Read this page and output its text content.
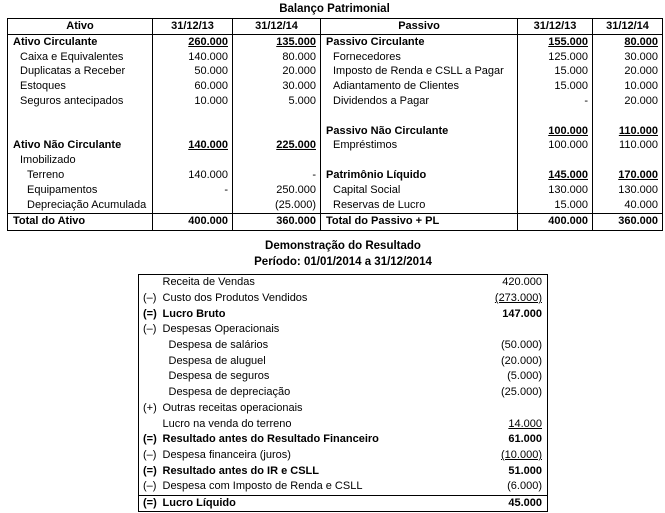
Balanço Patrimonial
Ativo	31/12/13	31/12/14	Passivo	31/12/13	31/12/14
Ativo Circulante	260.000	135.000	Passivo Circulante	155.000	80.000
Caixa e Equivalentes	140.000	80.000	Fornecedores	125.000	30.000
Duplicatas a Receber	50.000	20.000	Imposto de Renda e CSLL a Pagar	15.000	20.000
Estoques	60.000	30.000	Adiantamento de Clientes	15.000	10.000
Seguros antecipados	10.000	5.000	Dividendos a Pagar	-	20.000

			Passivo Não Circulante	100.000	110.000
Ativo Não Circulante	140.000	225.000	Empréstimos	100.000	110.000
Imobilizado					
Terreno	140.000	-	Patrimônio Líquido	145.000	170.000
Equipamentos	-	250.000	Capital Social	130.000	130.000
Depreciação Acumulada		(25.000)	Reservas de Lucro	15.000	40.000
Total do Ativo	400.000	360.000	Total do Passivo + PL	400.000	360.000
Demonstração do Resultado
Período: 01/01/2014 a 31/12/2014
	Receita de Vendas	420.000
(–)	Custo dos Produtos Vendidos	(273.000)
(=)	Lucro Bruto	147.000
(–)	Despesas Operacionais	
	Despesa de salários	(50.000)
	Despesa de aluguel	(20.000)
	Despesa de seguros	(5.000)
	Despesa de depreciação	(25.000)
(+)	Outras receitas operacionais	
	Lucro na venda do terreno	14.000
(=)	Resultado antes do Resultado Financeiro	61.000
(–)	Despesa financeira (juros)	(10.000)
(=)	Resultado antes do IR e CSLL	51.000
(–)	Despesa com Imposto de Renda e CSLL	(6.000)
(=)	Lucro Líquido	45.000
